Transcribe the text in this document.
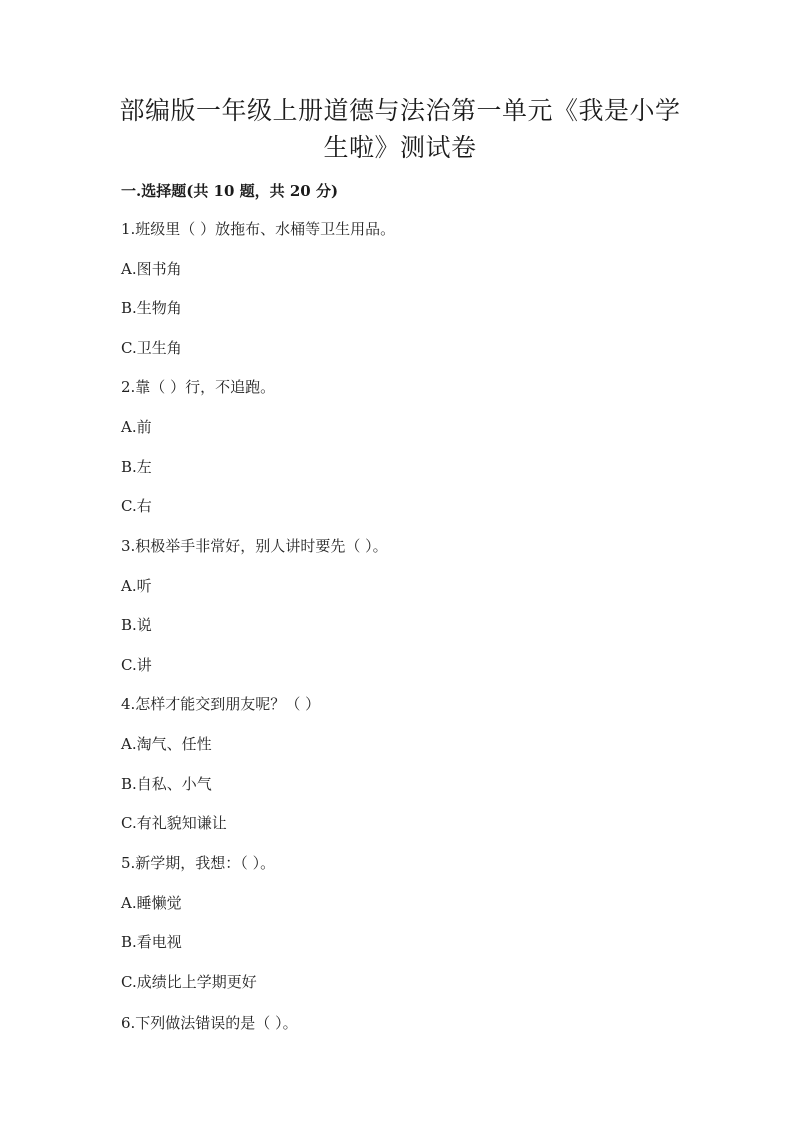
部编版一年级上册道德与法治第一单元《我是小学
生啦》测试卷
一.选择题(共 10 题，共 20 分)
1.班级里（ ）放拖布、水桶等卫生用品。
A.图书角
B.生物角
C.卫生角
2.靠（ ）行，不追跑。
A.前
B.左
C.右
3.积极举手非常好，别人讲时要先（ ）。
A.听
B.说
C.讲
4.怎样才能交到朋友呢？（ ）
A.淘气、任性
B.自私、小气
C.有礼貌知谦让
5.新学期，我想：（ ）。
A.睡懒觉
B.看电视
C.成绩比上学期更好
6.下列做法错误的是（ ）。
